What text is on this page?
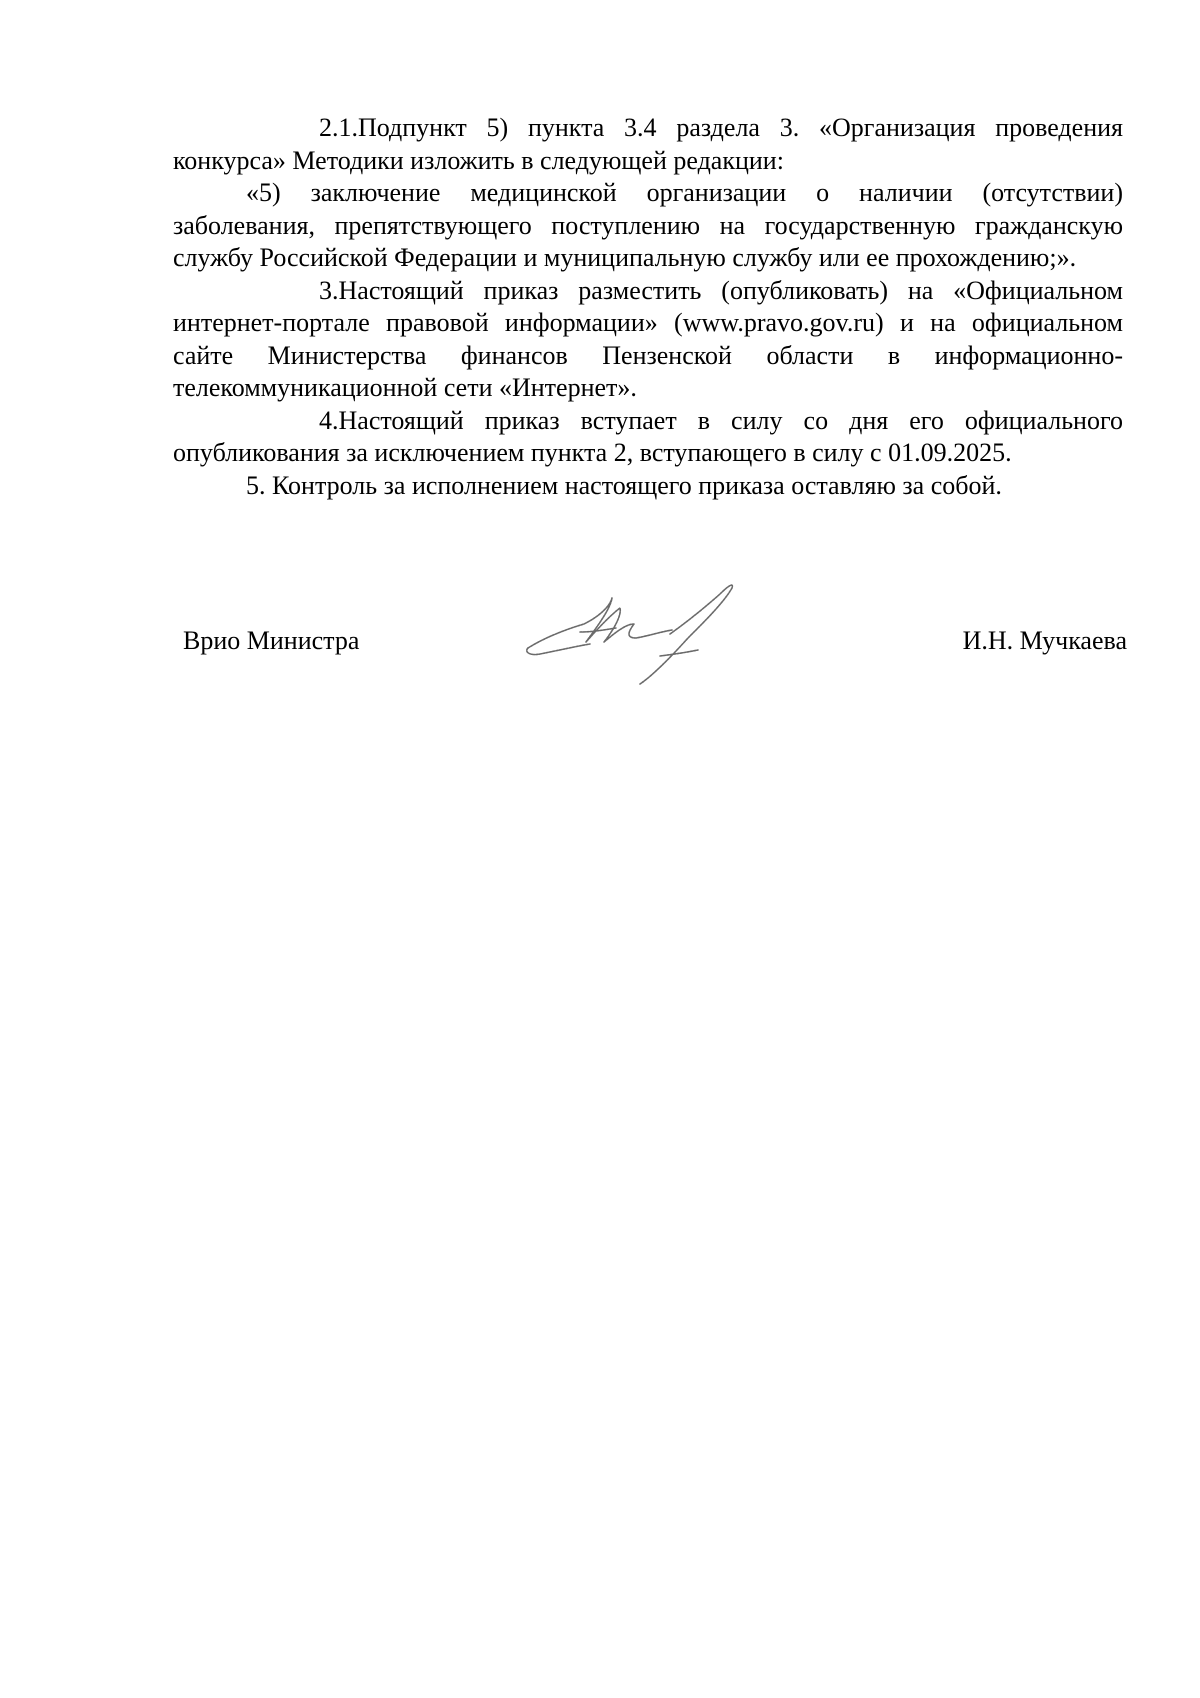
2.1.Подпункт 5) пункта 3.4 раздела 3. «Организация проведения конкурса» Методики изложить в следующей редакции:

«5) заключение медицинской организации о наличии (отсутствии) заболевания, препятствующего поступлению на государственную гражданскую службу Российской Федерации и муниципальную службу или ее прохождению;».

3.Настоящий приказ разместить (опубликовать) на «Официальном интернет-портале правовой информации» (www.pravo.gov.ru) и на официальном сайте Министерства финансов Пензенской области в информационно-телекоммуникационной сети «Интернет».

4.Настоящий приказ вступает в силу со дня его официального опубликования за исключением пункта 2, вступающего в силу с 01.09.2025.

5. Контроль за исполнением настоящего приказа оставляю за собой.

Врио Министра	И.Н. Мучкаева
